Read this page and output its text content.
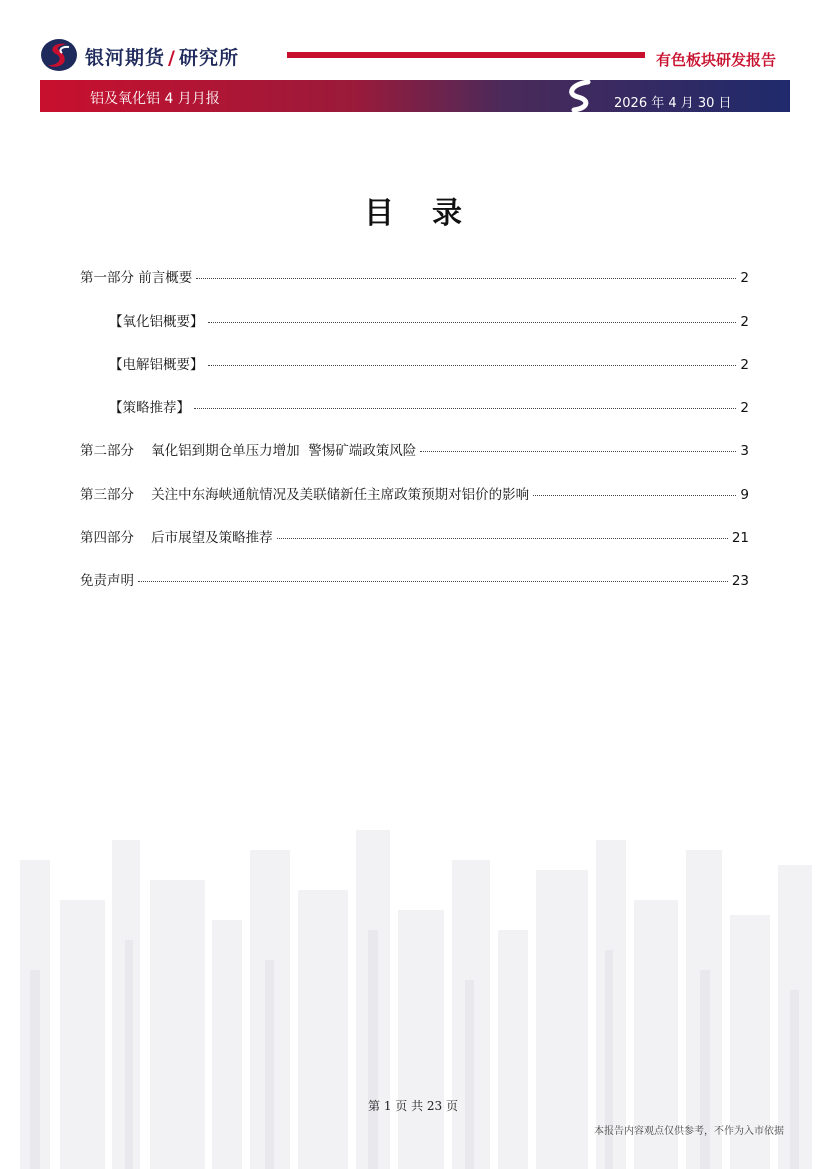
银河期货 / 研究所	有色板块研发报告
铝及氧化铝 4 月月报	2026 年 4 月 30 日
目录
第一部分 前言概要	2
【氧化铝概要】	2
【电解铝概要】	2
【策略推荐】	2
第二部分    氧化铝到期仓单压力增加  警惕矿端政策风险	3
第三部分    关注中东海峡通航情况及美联储新任主席政策预期对铝价的影响	9
第四部分    后市展望及策略推荐	21
免责声明	23
第 1 页 共 23 页
本报告内容观点仅供参考，不作为入市依据
